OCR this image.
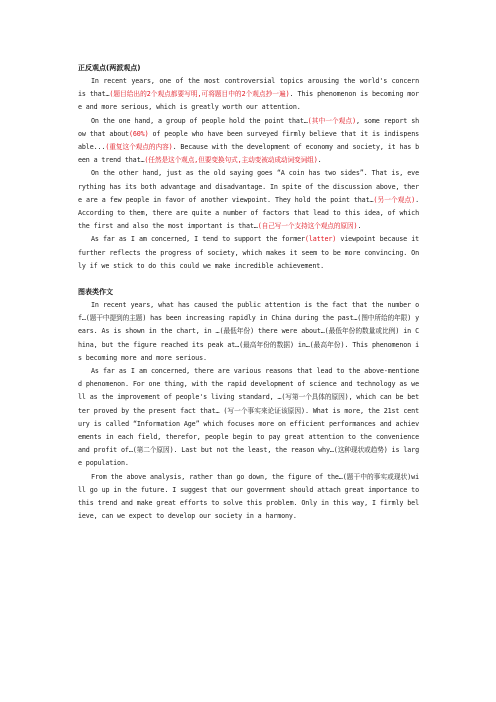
正反观点(两派观点)

In recent years, one of the most controversial topics arousing the world's concern is that…(题目给出的2个观点都要写明,可将题目中的2个观点抄一遍). This phenomenon is becoming more and more serious, which is greatly worth our attention.

On the one hand, a group of people hold the point that…(其中一个观点), some report show that about(60%) of people who have been surveyed firmly believe that it is indispensable...(重复这个观点的内容). Because with the development of economy and society, it has been a trend that…(任然是这个观点,但要变换句式,主动变被动成动词变词组).

On the other hand, just as the old saying goes “A coin has two sides”. That is, everything has its both advantage and disadvantage. In spite of the discussion above, there are a few people in favor of another viewpoint. They hold the point that…(另一个观点). According to them, there are quite a number of factors that lead to this idea, of which the first and also the most important is that…(自己写一个支持这个观点的原因).

As far as I am concerned, I tend to support the former(latter) viewpoint because it further reflects the progress of society, which makes it seem to be more convincing. Only if we stick to do this could we make incredible achievement.

图表类作文

In recent years, what has caused the public attention is the fact that the number of…(题干中提到的主题) has been increasing rapidly in China during the past…(图中所给的年限) years. As is shown in the chart, in …(最低年份) there were about…(最低年份的数量或比例) in China, but the figure reached its peak at…(最高年份的数据) in…(最高年份). This phenomenon is becoming more and more serious.

As far as I am concerned, there are various reasons that lead to the above-mentioned phenomenon. For one thing, with the rapid development of science and technology as well as the improvement of people's living standard, …(写第一个具体的原因), which can be better proved by the present fact that… (写一个事实来论证该原因). What is more, the 21st century is called “Information Age” which focuses more on efficient performances and achievements in each field, therefor, people begin to pay great attention to the convenience and profit of…(第二个原因). Last but not the least, the reason why…(这种现状或趋势) is large population.

From the above analysis, rather than go down, the figure of the…(题干中的事实或现状)will go up in the future. I suggest that our government should attach great importance to this trend and make great efforts to solve this problem. Only in this way, I firmly believe, can we expect to develop our society in a harmony.
